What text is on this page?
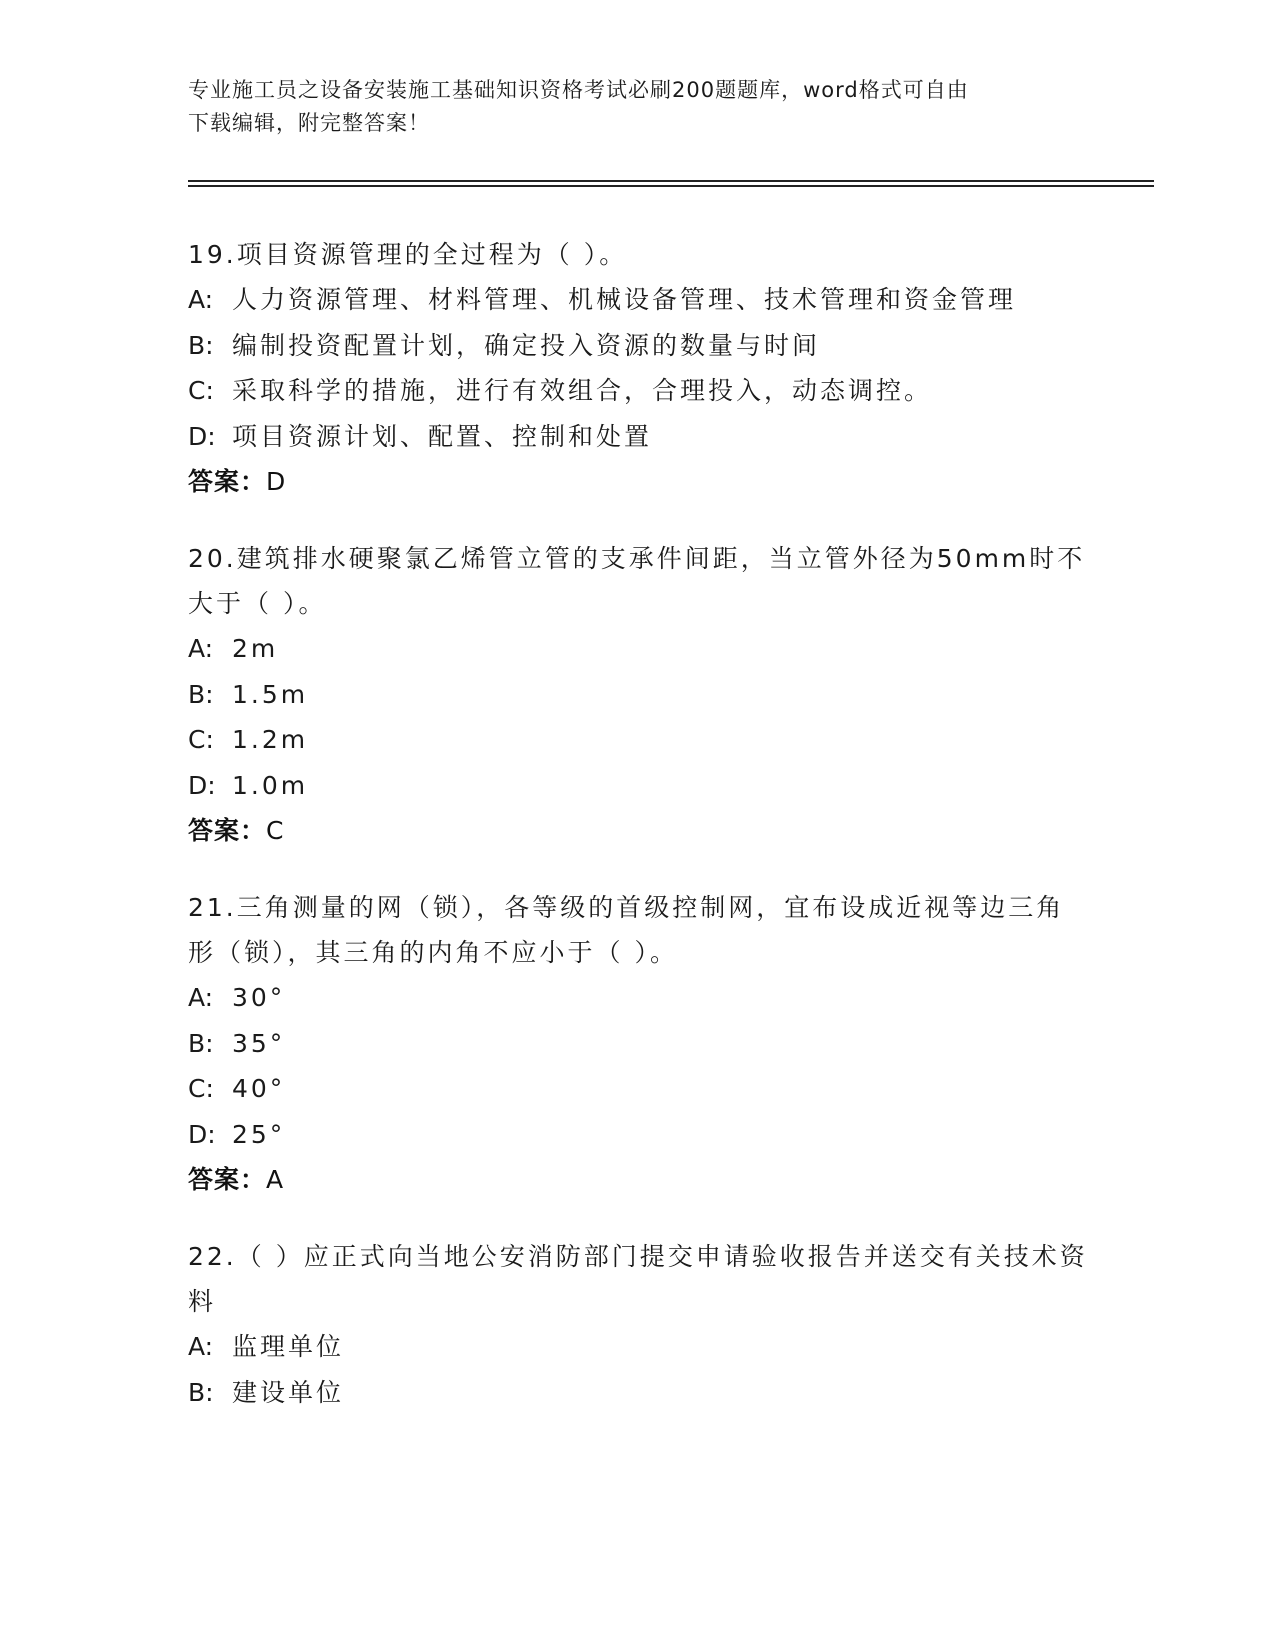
专业施工员之设备安装施工基础知识资格考试必刷200题题库，word格式可自由
下载编辑，附完整答案！
19.项目资源管理的全过程为（ ）。
A: 人力资源管理、材料管理、机械设备管理、技术管理和资金管理
B: 编制投资配置计划，确定投入资源的数量与时间
C: 采取科学的措施，进行有效组合，合理投入，动态调控。
D: 项目资源计划、配置、控制和处置
答案：D
20.建筑排水硬聚氯乙烯管立管的支承件间距，当立管外径为50mm时不大于（ ）。
A: 2m
B: 1.5m
C: 1.2m
D: 1.0m
答案：C
21.三角测量的网（锁），各等级的首级控制网，宜布设成近视等边三角形（锁），其三角的内角不应小于（ ）。
A: 30°
B: 35°
C: 40°
D: 25°
答案：A
22.（ ）应正式向当地公安消防部门提交申请验收报告并送交有关技术资料
A: 监理单位
B: 建设单位
